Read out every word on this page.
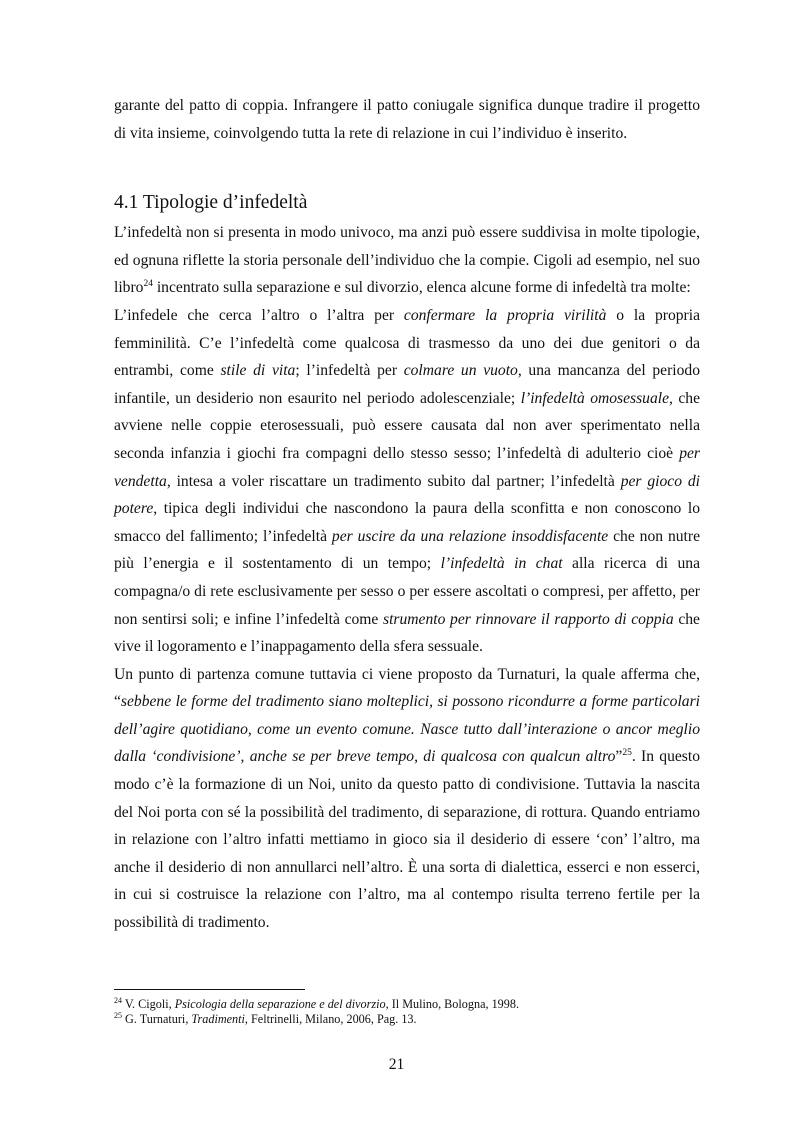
garante del patto di coppia. Infrangere il patto coniugale significa dunque tradire il progetto di vita insieme, coinvolgendo tutta la rete di relazione in cui l’individuo è inserito.

4.1 Tipologie d’infedeltà

L’infedeltà non si presenta in modo univoco, ma anzi può essere suddivisa in molte tipologie, ed ognuna riflette la storia personale dell’individuo che la compie. Cigoli ad esempio, nel suo libro$^{24}$ incentrato sulla separazione e sul divorzio, elenca alcune forme di infedeltà tra molte:

L’infedele che cerca l’altro o l’altra per confermare la propria virilità o la propria femminilità. C’e l’infedeltà come qualcosa di trasmesso da uno dei due genitori o da entrambi, come stile di vita; l’infedeltà per colmare un vuoto, una mancanza del periodo infantile, un desiderio non esaurito nel periodo adolescenziale; l’infedeltà omosessuale, che avviene nelle coppie eterosessuali, può essere causata dal non aver sperimentato nella seconda infanzia i giochi fra compagni dello stesso sesso; l’infedeltà di adulterio cioè per vendetta, intesa a voler riscattare un tradimento subito dal partner; l’infedeltà per gioco di potere, tipica degli individui che nascondono la paura della sconfitta e non conoscono lo smacco del fallimento; l’infedeltà per uscire da una relazione insoddisfacente che non nutre più l’energia e il sostentamento di un tempo; l’infedeltà in chat alla ricerca di una compagna/o di rete esclusivamente per sesso o per essere ascoltati o compresi, per affetto, per non sentirsi soli; e infine l’infedeltà come strumento per rinnovare il rapporto di coppia che vive il logoramento e l’inappagamento della sfera sessuale.

Un punto di partenza comune tuttavia ci viene proposto da Turnaturi, la quale afferma che, “sebbene le forme del tradimento siano molteplici, si possono ricondurre a forme particolari dell’agire quotidiano, come un evento comune. Nasce tutto dall’interazione o ancor meglio dalla ‘condivisione’, anche se per breve tempo, di qualcosa con qualcun altro”$^{25}$. In questo modo c’è la formazione di un Noi, unito da questo patto di condivisione. Tuttavia la nascita del Noi porta con sé la possibilità del tradimento, di separazione, di rottura. Quando entriamo in relazione con l’altro infatti mettiamo in gioco sia il desiderio di essere ‘con’ l’altro, ma anche il desiderio di non annullarci nell’altro. È una sorta di dialettica, esserci e non esserci, in cui si costruisce la relazione con l’altro, ma al contempo risulta terreno fertile per la possibilità di tradimento.

$^{24}$ V. Cigoli, Psicologia della separazione e del divorzio, Il Mulino, Bologna, 1998.

$^{25}$ G. Turnaturi, Tradimenti, Feltrinelli, Milano, 2006, Pag. 13.

21
